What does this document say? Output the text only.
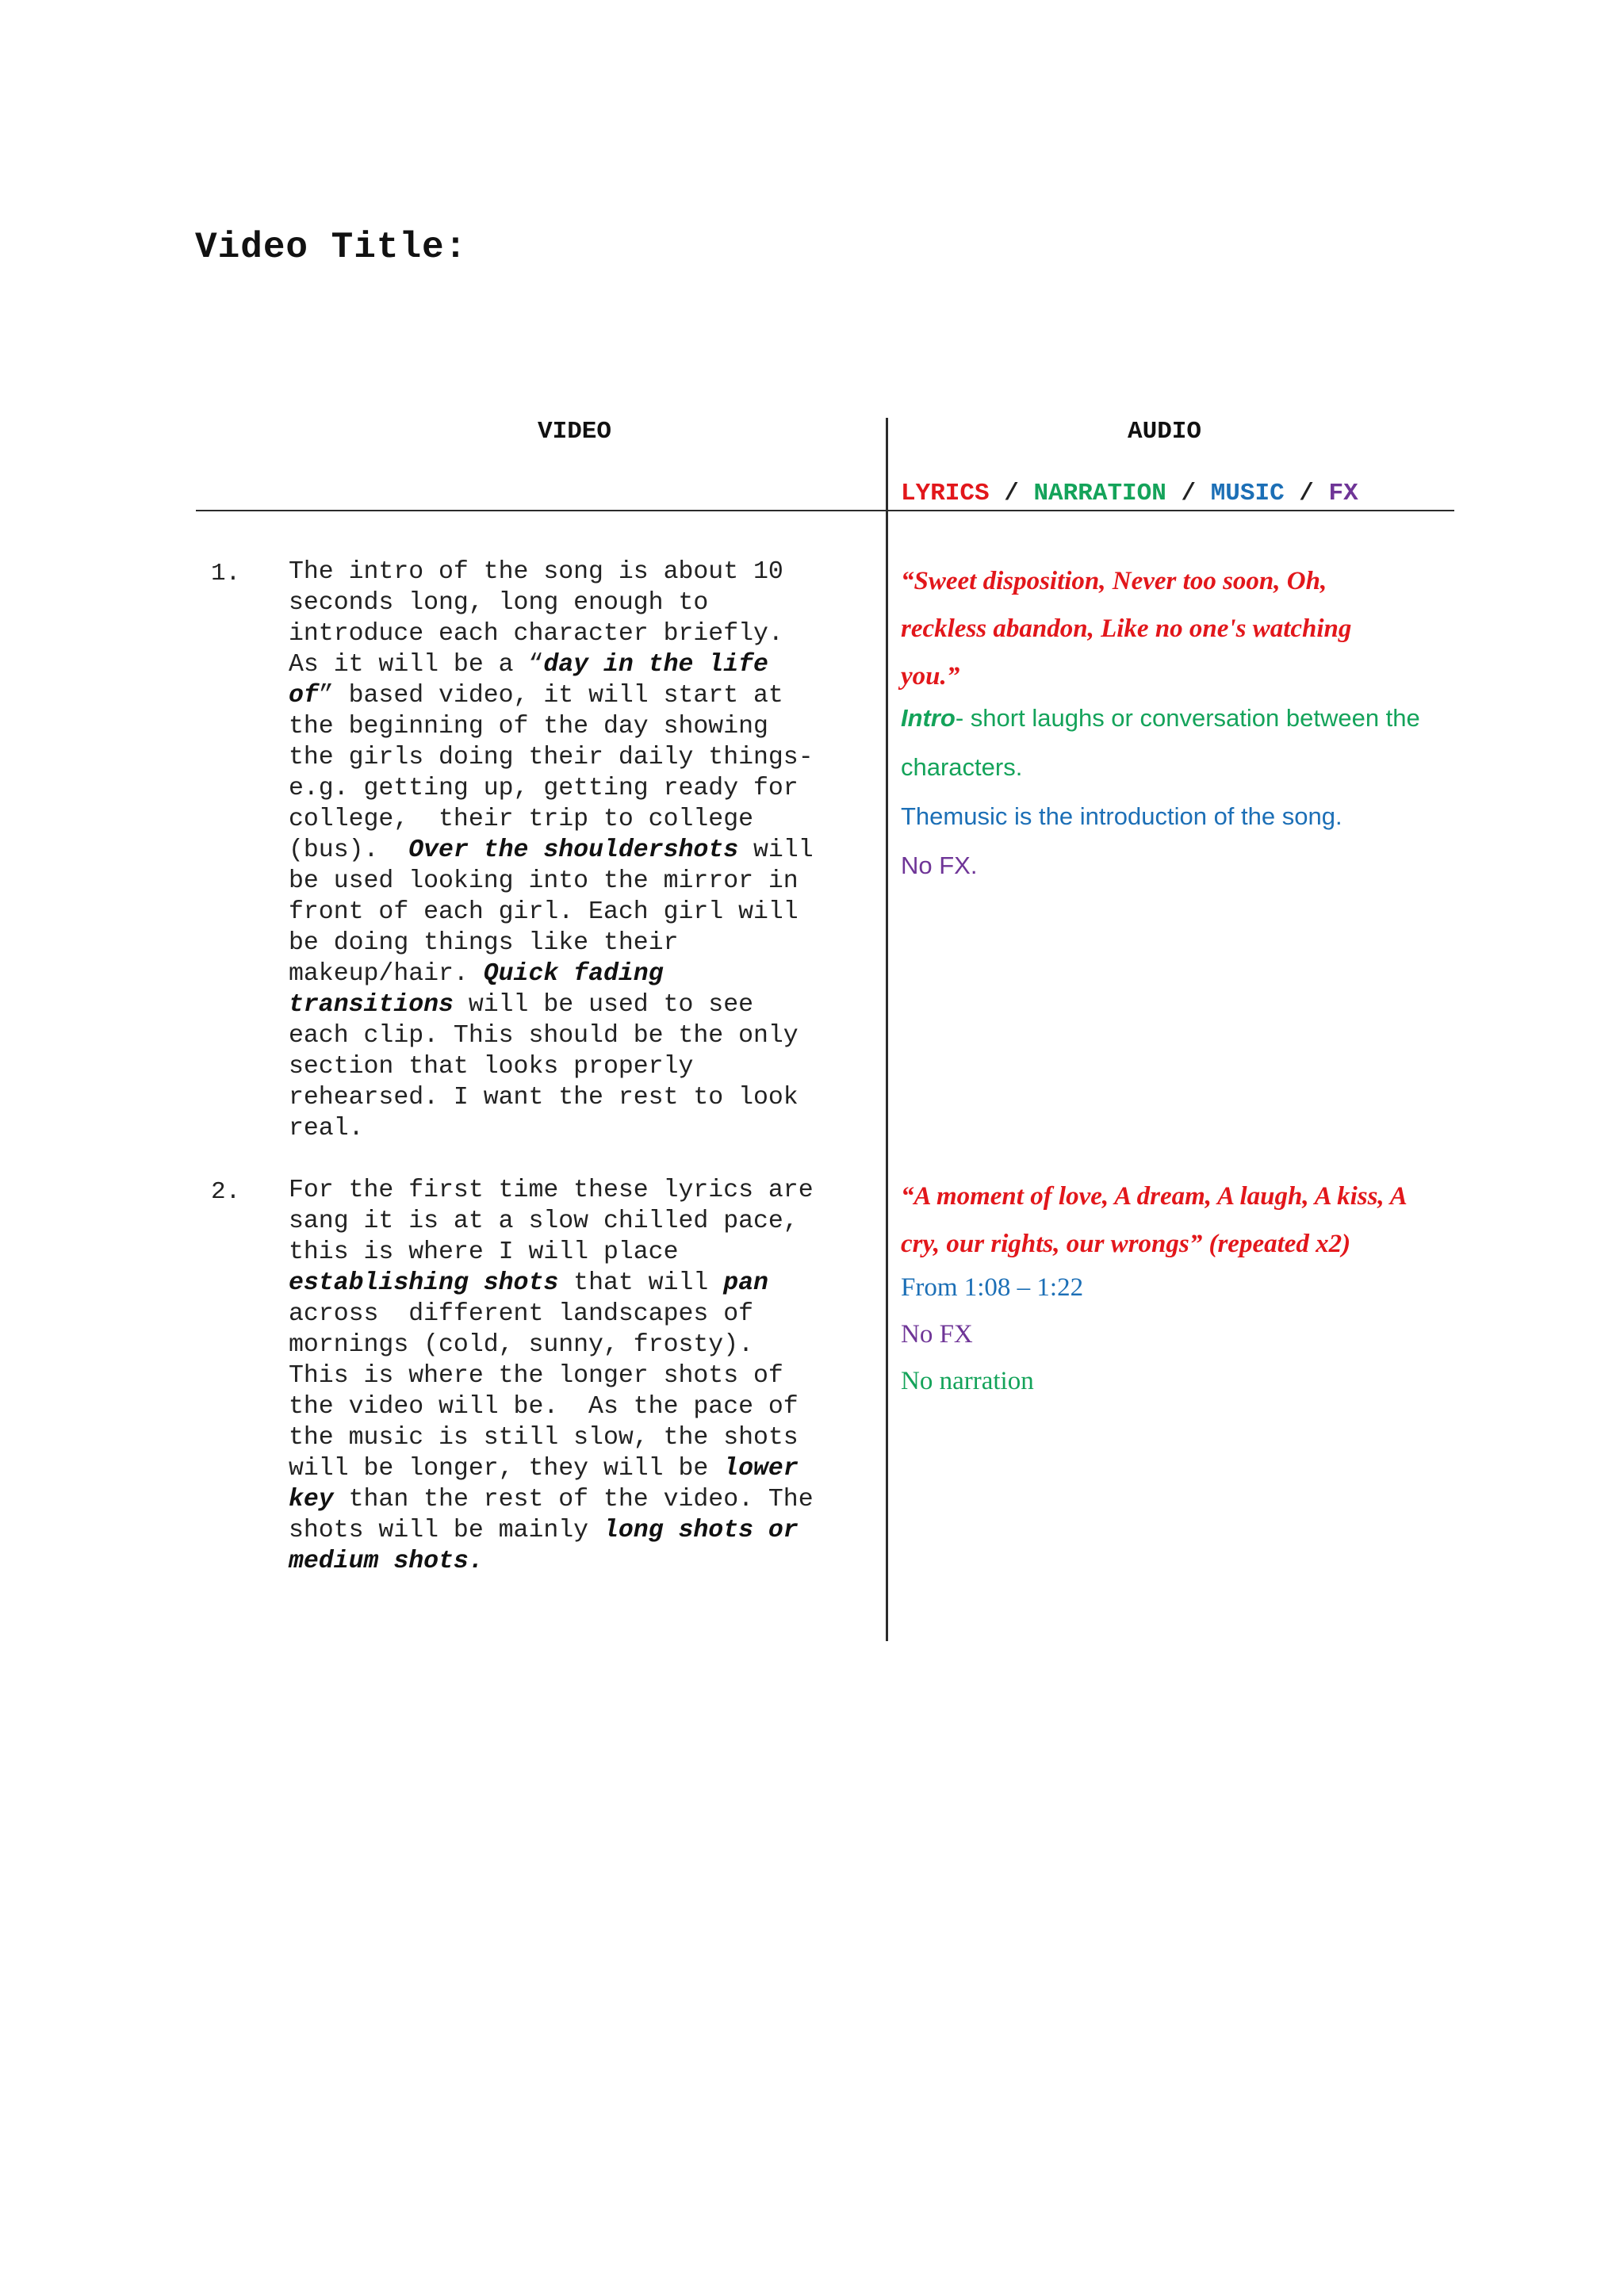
Video Title:
VIDEO	AUDIO
LYRICS / NARRATION / MUSIC / FX
1. The intro of the song is about 10
seconds long, long enough to
introduce each character briefly.
As it will be a “day in the life
of” based video, it will start at
the beginning of the day showing
the girls doing their daily things-
e.g. getting up, getting ready for
college,  their trip to college
(bus).  Over the shouldershots will
be used looking into the mirror in
front of each girl. Each girl will
be doing things like their
makeup/hair. Quick fading
transitions will be used to see
each clip. This should be the only
section that looks properly
rehearsed. I want the rest to look
real.
“Sweet disposition, Never too soon, Oh,
reckless abandon, Like no one's watching
you.”
Intro- short laughs or conversation between the
characters.
Themusic is the introduction of the song.
No FX.
2. For the first time these lyrics are
sang it is at a slow chilled pace,
this is where I will place
establishing shots that will pan
across  different landscapes of
mornings (cold, sunny, frosty).
This is where the longer shots of
the video will be.  As the pace of
the music is still slow, the shots
will be longer, they will be lower
key than the rest of the video. The
shots will be mainly long shots or
medium shots.
“A moment of love, A dream, A laugh, A kiss, A
cry, our rights, our wrongs” (repeated x2)
From 1:08 – 1:22
No FX
No narration
